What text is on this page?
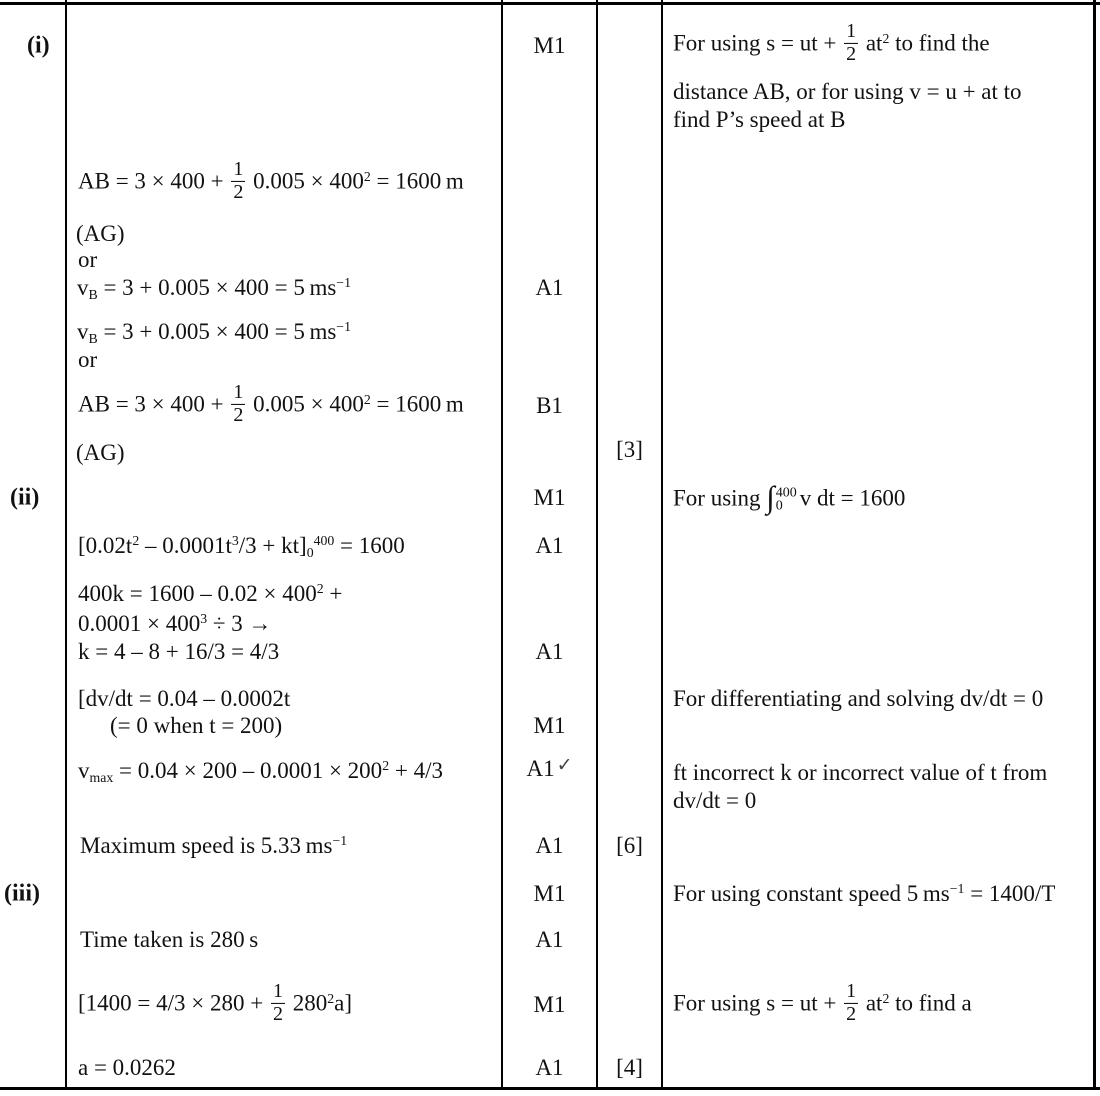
(i)
(ii)
(iii)
AB = $3 \times 400 + \frac{1}{2} 0.005 \times 400^2 = 1600$ m
(AG)
or
$v_B = 3 + 0.005 \times 400 = 5$ $ms^{-1}$
$v_B = 3 + 0.005 \times 400 = 5$ $ms^{-1}$
or
AB = $3 \times 400 + \frac{1}{2} 0.005 \times 400^2 = 1600$ m
(AG)
$[0.02t^2 - 0.0001t^3/3 + kt]_0^{400} = 1600$
$400k = 1600 - 0.02 \times 400^2$ +
$0.0001 \times 400^3 \div 3$ →
k = 4 – 8 + 16/3 = 4/3
[dv/dt = 0.04 – 0.0002t
(= 0 when t = 200)
$v_{max} = 0.04 \times 200 - 0.0001 \times 200^2 + 4/3$
Maximum speed is 5.33 $ms^{-1}$
Time taken is 280 s
$[1400 = 4/3 \times 280 + \frac{1}{2} 280^2a]$
a = 0.0262
M1
A1
B1
M1
A1
A1
M1
A1 ✓
A1
M1
A1
M1
A1
[3]
[6]
[4]
For using s = ut + $\frac{1}{2} at^2$ to find the
distance AB, or for using v = u + at to
find P’s speed at B
For using ∫ 400
0 v dt = 1600
For differentiating and solving dv/dt = 0
ft incorrect k or incorrect value of t from
dv/dt = 0
For using constant speed 5 $ms^{-1} = 1400/T$
For using s = ut + $\frac{1}{2} at^2$ to find a
